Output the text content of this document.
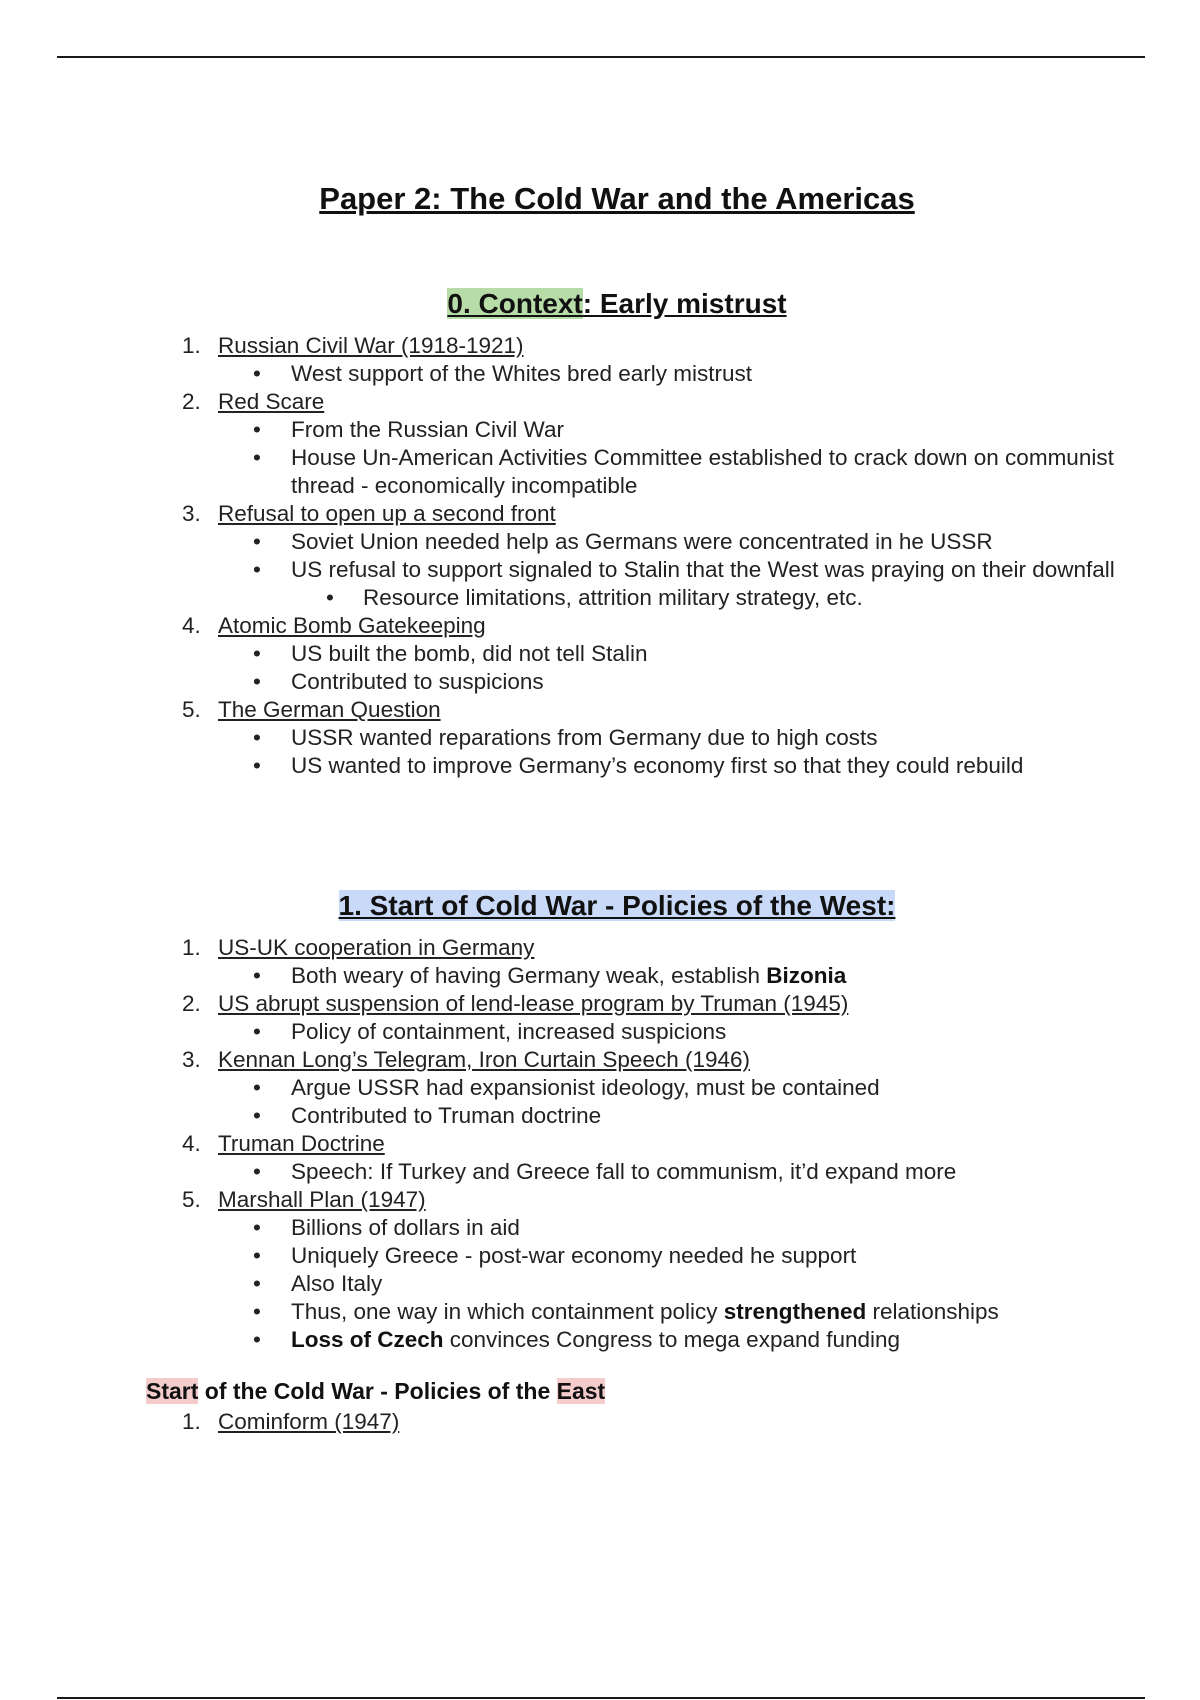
Paper 2: The Cold War and the Americas
0. Context: Early mistrust
1. Russian Civil War (1918-1921)
• West support of the Whites bred early mistrust
2. Red Scare
• From the Russian Civil War
• House Un-American Activities Committee established to crack down on communist thread - economically incompatible
3. Refusal to open up a second front
• Soviet Union needed help as Germans were concentrated in he USSR
• US refusal to support signaled to Stalin that the West was praying on their downfall
• Resource limitations, attrition military strategy, etc.
4. Atomic Bomb Gatekeeping
• US built the bomb, did not tell Stalin
• Contributed to suspicions
5. The German Question
• USSR wanted reparations from Germany due to high costs
• US wanted to improve Germany’s economy first so that they could rebuild
1. Start of Cold War - Policies of the West:
1. US-UK cooperation in Germany
• Both weary of having Germany weak, establish Bizonia
2. US abrupt suspension of lend-lease program by Truman (1945)
• Policy of containment, increased suspicions
3. Kennan Long’s Telegram, Iron Curtain Speech (1946)
• Argue USSR had expansionist ideology, must be contained
• Contributed to Truman doctrine
4. Truman Doctrine
• Speech: If Turkey and Greece fall to communism, it’d expand more
5. Marshall Plan (1947)
• Billions of dollars in aid
• Uniquely Greece - post-war economy needed he support
• Also Italy
• Thus, one way in which containment policy strengthened relationships
• Loss of Czech convinces Congress to mega expand funding
Start of the Cold War - Policies of the East
1. Cominform (1947)
